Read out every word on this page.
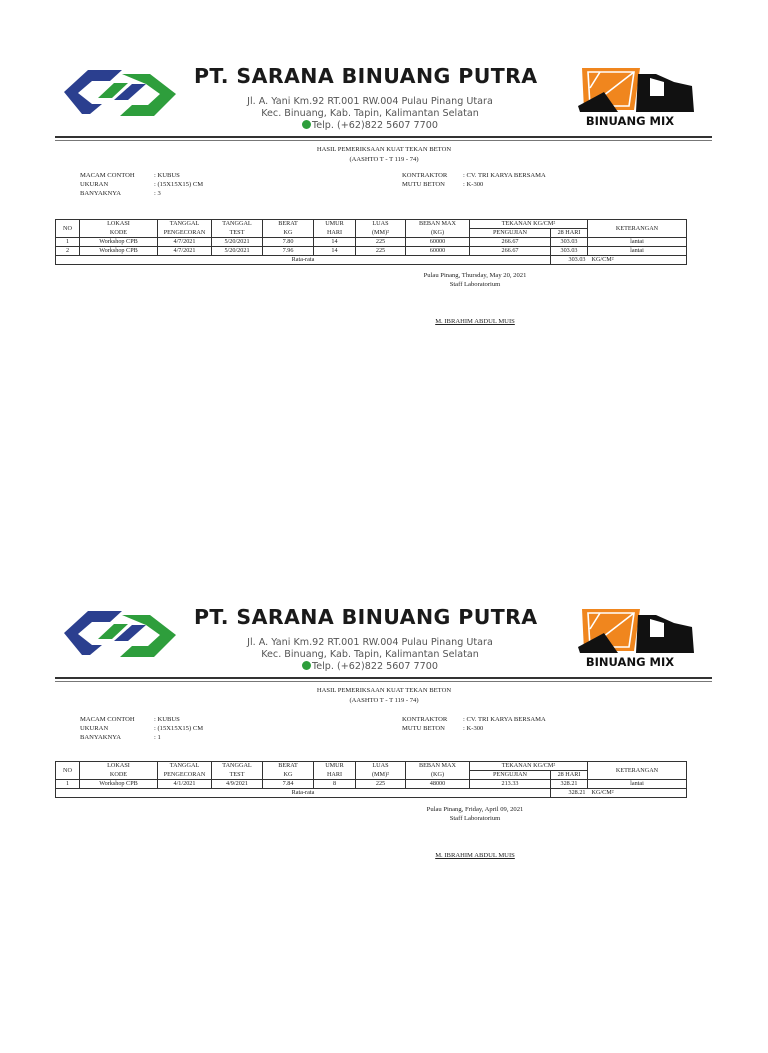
PT. SARANA BINUANG PUTRA
Jl. A. Yani Km.92 RT.001 RW.004 Pulau Pinang Utara
Kec. Binuang, Kab. Tapin, Kalimantan Selatan
Telp. (+62)822 5607 7700	BINUANG MIX
HASIL PEMERIKSAAN KUAT TEKAN BETON
(AASHTO T - T 119 - 74)
MACAM CONTOH	: KUBUS
UKURAN	: (15X15X15) CM
BANYAKNYA	: 3
KONTRAKTOR : CV. TRI KARYA BERSAMA
MUTU BETON	: K-300
NO	LOKASI	TANGGAL	TANGGAL	BERAT	UMUR	LUAS	BEBAN MAX	TEKANAN KG/CM²		KETERANGAN
	KODE	PENGECORAN	TEST	KG	HARI	(MM)²	(KG)	PENGUJIAN	28 HARI	
1	Workshop CPB	4/7/2021	5/20/2021	7.80	14	225	60000	266.67	303.03	lantai
2	Workshop CPB	4/7/2021	5/20/2021	7.96	14	225	60000	266.67	303.03	lantai
Rata-rata									303.03	KG/CM²
Pulau Pinang, Thursday, May 20, 2021
Staff Laboratorium
M. IBRAHIM ABDUL MUIS
PT. SARANA BINUANG PUTRA
Jl. A. Yani Km.92 RT.001 RW.004 Pulau Pinang Utara
Kec. Binuang, Kab. Tapin, Kalimantan Selatan
Telp. (+62)822 5607 7700	BINUANG MIX
HASIL PEMERIKSAAN KUAT TEKAN BETON
(AASHTO T - T 119 - 74)
MACAM CONTOH	: KUBUS
UKURAN	: (15X15X15) CM
BANYAKNYA	: 1
KONTRAKTOR : CV. TRI KARYA BERSAMA
MUTU BETON	: K-300
NO	LOKASI	TANGGAL	TANGGAL	BERAT	UMUR	LUAS	BEBAN MAX	TEKANAN KG/CM²		KETERANGAN
	KODE	PENGECORAN	TEST	KG	HARI	(MM)²	(KG)	PENGUJIAN	28 HARI	
1	Workshop CPB	4/1/2021	4/9/2021	7.84	8	225	48000	213.33	328.21	lantai
Rata-rata									328.21	KG/CM²
Pulau Pinang, Friday, April 09, 2021
Staff Laboratorium
M. IBRAHIM ABDUL MUIS
